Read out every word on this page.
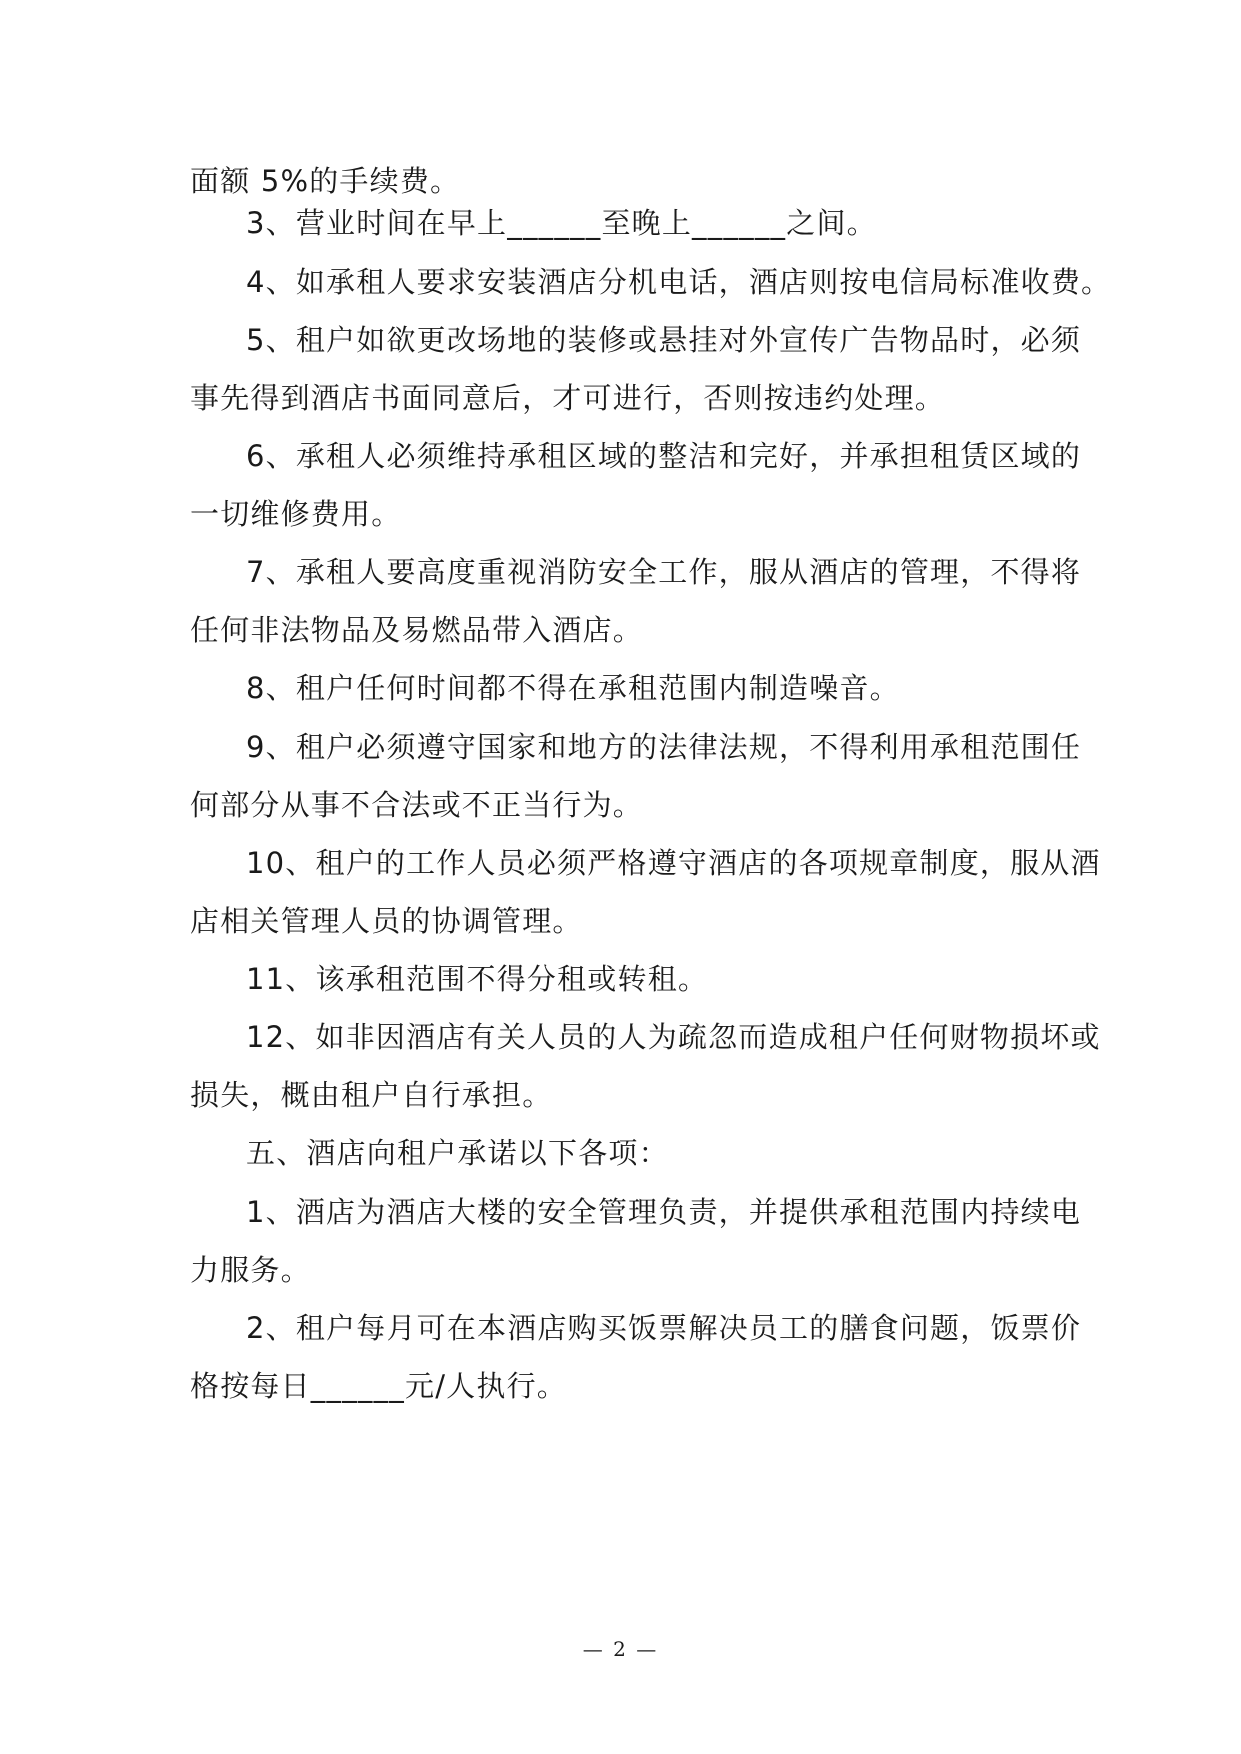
面额 5%的手续费。
3、营业时间在早上______至晚上______之间。
4、如承租人要求安装酒店分机电话，酒店则按电信局标准收费。
5、租户如欲更改场地的装修或悬挂对外宣传广告物品时，必须
事先得到酒店书面同意后，才可进行，否则按违约处理。
6、承租人必须维持承租区域的整洁和完好，并承担租赁区域的
一切维修费用。
7、承租人要高度重视消防安全工作，服从酒店的管理，不得将
任何非法物品及易燃品带入酒店。
8、租户任何时间都不得在承租范围内制造噪音。
9、租户必须遵守国家和地方的法律法规，不得利用承租范围任
何部分从事不合法或不正当行为。
10、租户的工作人员必须严格遵守酒店的各项规章制度，服从酒
店相关管理人员的协调管理。
11、该承租范围不得分租或转租。
12、如非因酒店有关人员的人为疏忽而造成租户任何财物损坏或
损失，概由租户自行承担。
五、酒店向租户承诺以下各项：
1、酒店为酒店大楼的安全管理负责，并提供承租范围内持续电
力服务。
2、租户每月可在本酒店购买饭票解决员工的膳食问题，饭票价
格按每日______元/人执行。
— 2 —
